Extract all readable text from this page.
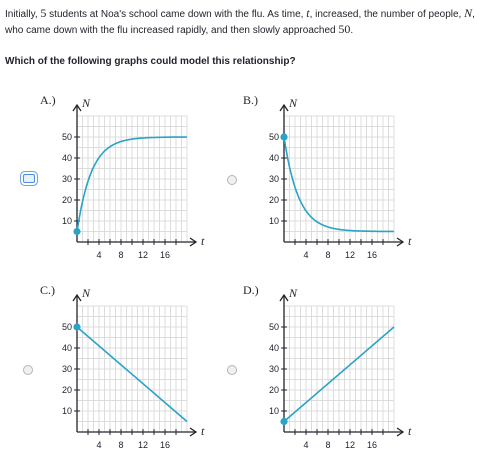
Initially, 5 students at Noa's school came down with the flu. As time, t, increased, the number of people, N,
who came down with the flu increased rapidly, and then slowly approached 50.
Which of the following graphs could model this relationship?
A.)
4 8 12 16
10
20
30
40
50
t
N	B.)
4 8 12 16
10
20
30
40
50
t
N
C.)
4 8 12 16
10
20
30
40
50
t
N	D.)
4 8 12 16
10
20
30
40
50
t
N
